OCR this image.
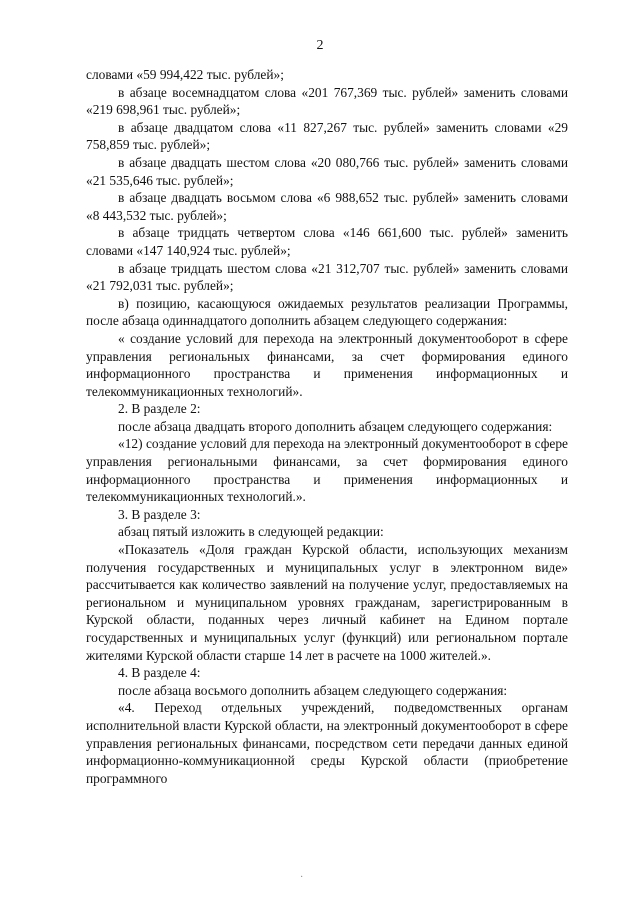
2

словами «59 994,422 тыс. рублей»;

в абзаце восемнадцатом слова «201 767,369 тыс. рублей» заменить словами «219 698,961 тыс. рублей»;

в абзаце двадцатом слова «11 827,267 тыс. рублей» заменить словами «29 758,859 тыс. рублей»;

в абзаце двадцать шестом слова «20 080,766 тыс. рублей» заменить словами «21 535,646 тыс. рублей»;

в абзаце двадцать восьмом слова «6 988,652 тыс. рублей» заменить словами «8 443,532 тыс. рублей»;

в абзаце тридцать четвертом слова «146 661,600 тыс. рублей» заменить словами «147 140,924 тыс. рублей»;

в абзаце тридцать шестом слова «21 312,707 тыс. рублей» заменить словами «21 792,031 тыс. рублей»;

в) позицию, касающуюся ожидаемых результатов реализации Программы, после абзаца одиннадцатого дополнить абзацем следующего содержания:

« создание условий для перехода на электронный документооборот в сфере управления региональных финансами, за счет формирования единого информационного пространства и применения информационных и телекоммуникационных технологий».

2. В разделе 2:

после абзаца двадцать второго дополнить абзацем следующего содержания:

«12) создание условий для перехода на электронный документооборот в сфере управления региональными финансами, за счет формирования единого информационного пространства и применения информационных и телекоммуникационных технологий.».

3. В разделе 3:

абзац пятый изложить в следующей редакции:

«Показатель «Доля граждан Курской области, использующих механизм получения государственных и муниципальных услуг в электронном виде» рассчитывается как количество заявлений на получение услуг, предоставляемых на региональном и муниципальном уровнях гражданам, зарегистрированным в Курской области, поданных через личный кабинет на Едином портале государственных и муниципальных услуг (функций) или региональном портале жителями Курской области старше 14 лет в расчете на 1000 жителей.».

4. В разделе 4:

после абзаца восьмого дополнить абзацем следующего содержания:

«4. Переход отдельных учреждений, подведомственных органам исполнительной власти Курской области, на электронный документооборот в сфере управления региональных финансами, посредством сети передачи данных единой информационно-коммуникационной среды Курской области (приобретение программного

·
